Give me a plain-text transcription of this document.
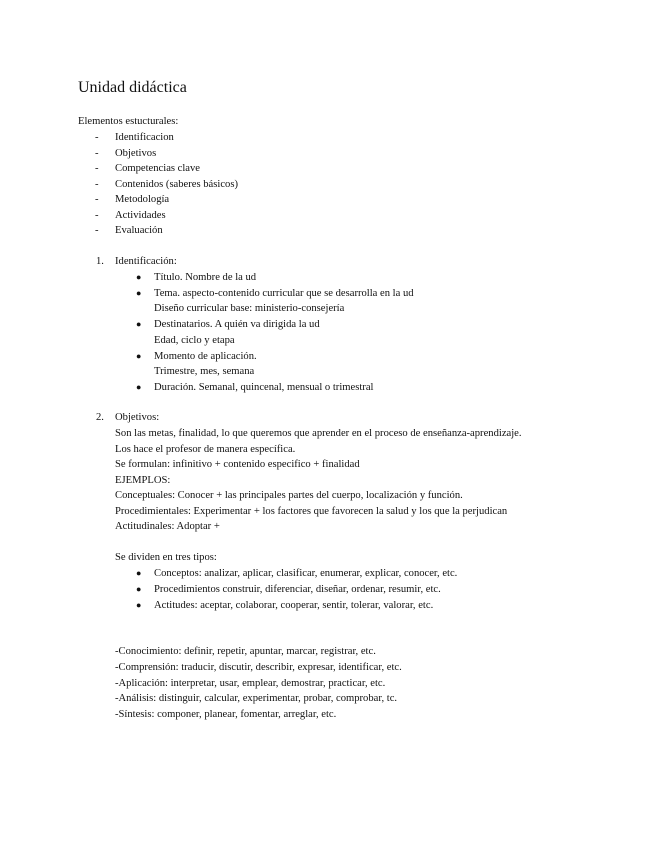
Unidad didáctica
Elementos estucturales:
- Identificacion
- Objetivos
- Competencias clave
- Contenidos (saberes básicos)
- Metodología
- Actividades
- Evaluación
1. Identificación:
● Título. Nombre de la ud
● Tema. aspecto-contenido curricular que se desarrolla en la ud
Diseño curricular base: ministerio-consejería
● Destinatarios. A quién va dirigida la ud
Edad, ciclo y etapa
● Momento de aplicación.
Trimestre, mes, semana
● Duración. Semanal, quincenal, mensual o trimestral
2. Objetivos:
Son las metas, finalidad, lo que queremos que aprender en el proceso de enseñanza-aprendizaje.
Los hace el profesor de manera específica.
Se formulan: infinitivo + contenido especifico + finalidad
EJEMPLOS:
Conceptuales: Conocer + las principales partes del cuerpo, localización y función.
Procedimientales: Experimentar + los factores que favorecen la salud y los que la perjudican
Actitudinales: Adoptar +
Se dividen en tres tipos:
● Conceptos: analizar, aplicar, clasificar, enumerar, explicar, conocer, etc.
● Procedimientos construir, diferenciar, diseñar, ordenar, resumir, etc.
● Actitudes: aceptar, colaborar, cooperar, sentir, tolerar, valorar, etc.
-Conocimiento: definir, repetir, apuntar, marcar, registrar, etc.
-Comprensión: traducir, discutir, describir, expresar, identificar, etc.
-Aplicación: interpretar, usar, emplear, demostrar, practicar, etc.
-Análisis: distinguir, calcular, experimentar, probar, comprobar, tc.
-Síntesis: componer, planear, fomentar, arreglar, etc.
